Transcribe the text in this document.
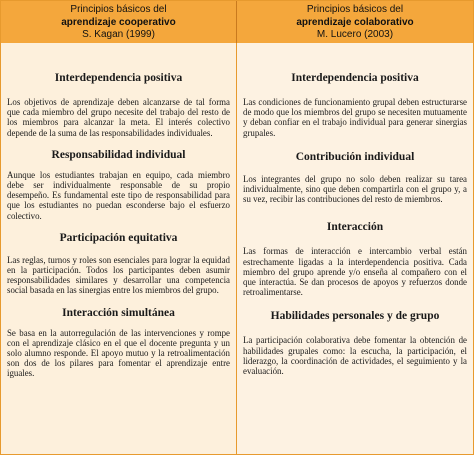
Principios básicos del
aprendizaje cooperativo
S. Kagan (1999)
Principios básicos del
aprendizaje colaborativo
M. Lucero (2003)

Interdependencia positiva

Los objetivos de aprendizaje deben alcanzarse de tal forma que cada miembro del grupo necesite del trabajo del resto de los miembros para alcanzar la meta. El interés colectivo depende de la suma de las responsabilidades individuales.

Responsabilidad individual

Aunque los estudiantes trabajan en equipo, cada miembro debe ser individualmente responsable de su propio desempeño. Es fundamental este tipo de responsabilidad para que los estudiantes no puedan esconderse bajo el esfuerzo colectivo.

Participación equitativa

Las reglas, turnos y roles son esenciales para lograr la equidad en la participación. Todos los participantes deben asumir responsabilidades similares y desarrollar una competencia social basada en las sinergias entre los miembros del grupo.

Interacción simultánea

Se basa en la autorregulación de las intervenciones y rompe con el aprendizaje clásico en el que el docente pregunta y un solo alumno responde. El apoyo mutuo y la retroalimentación son dos de los pilares para fomentar el aprendizaje entre iguales.

Interdependencia positiva

Las condiciones de funcionamiento grupal deben estructurarse de modo que los miembros del grupo se necesiten mutuamente y deban confiar en el trabajo individual para generar sinergias grupales.

Contribución individual

Los integrantes del grupo no solo deben realizar su tarea individualmente, sino que deben compartirla con el grupo y, a su vez, recibir las contribuciones del resto de miembros.

Interacción

Las formas de interacción e intercambio verbal están estrechamente ligadas a la interdependencia positiva. Cada miembro del grupo aprende y/o enseña al compañero con el que interactúa. Se dan procesos de apoyos y refuerzos donde retroalimentarse.

Habilidades personales y de grupo

La participación colaborativa debe fomentar la obtención de habilidades grupales como: la escucha, la participación, el liderazgo, la coordinación de actividades, el seguimiento y la evaluación.
